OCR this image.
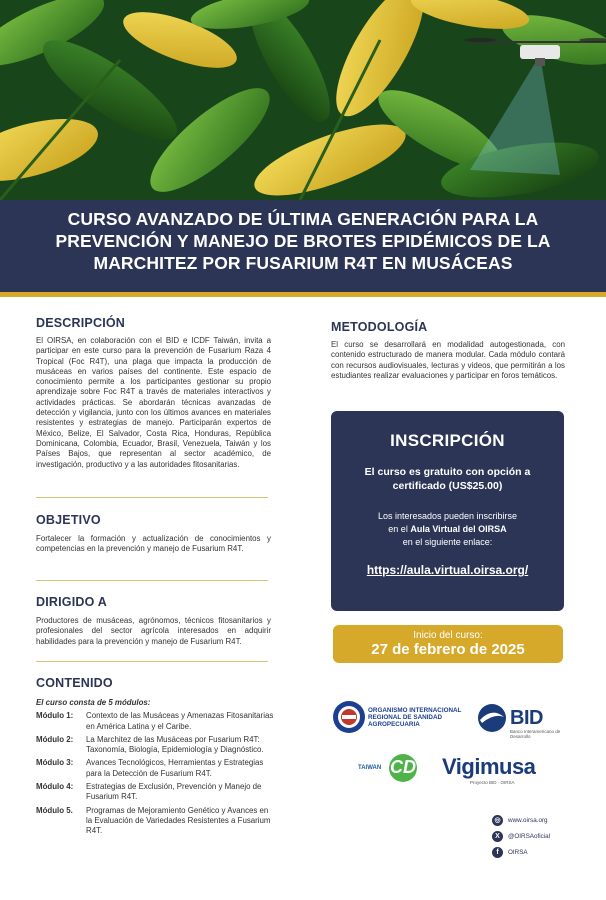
CURSO AVANZADO DE ÚLTIMA GENERACIÓN PARA LA
PREVENCIÓN Y MANEJO DE BROTES EPIDÉMICOS DE LA
MARCHITEZ POR FUSARIUM R4T EN MUSÁCEAS
DESCRIPCIÓN
El OIRSA, en colaboración con el BID e ICDF Taiwán, invita a participar en este curso para la prevención de Fusarium Raza 4 Tropical (Foc R4T), una plaga que impacta la producción de musáceas en varios países del continente. Este espacio de conocimiento permite a los participantes gestionar su propio aprendizaje sobre Foc R4T a través de materiales interactivos y actividades prácticas. Se abordarán técnicas avanzadas de detección y vigilancia, junto con los últimos avances en materiales resistentes y estrategias de manejo. Participarán expertos de México, Belize, El Salvador, Costa Rica, Honduras, República Dominicana, Colombia, Ecuador, Brasil, Venezuela, Taiwán y los Países Bajos, que representan al sector académico, de investigación, productivo y a las autoridades fitosanitarias.
OBJETIVO
Fortalecer la formación y actualización de conocimientos y competencias en la prevención y manejo de Fusarium R4T.
DIRIGIDO A
Productores de musáceas, agrónomos, técnicos fitosanitarios y profesionales del sector agrícola interesados en adquirir habilidades para la prevención y manejo de Fusarium R4T.
CONTENIDO
El curso consta de 5 módulos:
Módulo 1:	Contexto de las Musáceas y Amenazas Fitosanitarias en América Latina y el Caribe.
Módulo 2:	La Marchitez de las Musáceas por Fusarium R4T: Taxonomía, Biología, Epidemiología y Diagnóstico.
Módulo 3:	Avances Tecnológicos, Herramientas y Estrategias para la Detección de Fusarium R4T.
Módulo 4:	Estrategias de Exclusión, Prevención y Manejo de Fusarium R4T.
Módulo 5.	Programas de Mejoramiento Genético y Avances en la Evaluación de Variedades Resistentes a Fusarium R4T.
METODOLOGÍA
El curso se desarrollará en modalidad autogestionada, con contenido estructurado de manera modular. Cada módulo contará con recursos audiovisuales, lecturas y videos, que permitirán a los estudiantes realizar evaluaciones y participar en foros temáticos.
INSCRIPCIÓN
El curso es gratuito con opción a
certificado (US$25.00)
Los interesados pueden inscribirse
en el Aula Virtual del OIRSA
en el siguiente enlace:
https://aula.virtual.oirsa.org/
Inicio del curso:
27 de febrero de 2025
ORGANISMO INTERNACIONAL REGIONAL DE SANIDAD AGROPECUARIA	BID
Banco Interamericano de Desarrollo
TAIWAN ICDF Vigimusa
Proyecto BID · OIRSA
◎	www.oirsa.org
X	@OIRSAoficial
f	OIRSA
